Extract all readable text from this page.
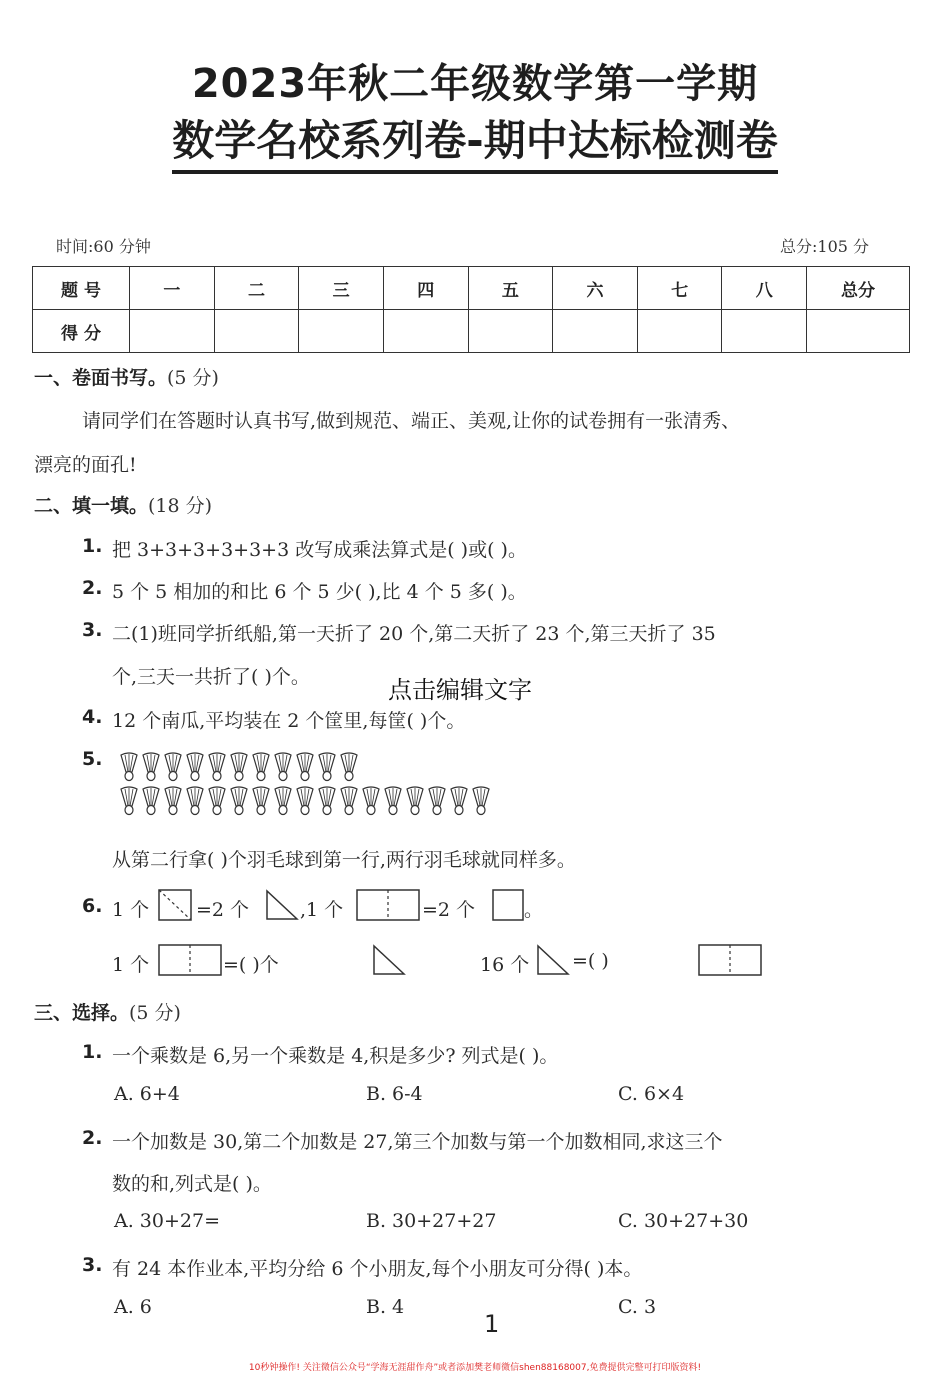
2023年秋二年级数学第一学期
数学名校系列卷-期中达标检测卷
时间:60 分钟	总分:105 分
题 号	一	二	三	四	五	六	七	八	总分
得 分									
一、卷面书写。(5 分)
请同学们在答题时认真书写,做到规范、端正、美观,让你的试卷拥有一张清秀、
漂亮的面孔!
二、填一填。(18 分)
1. 把 3+3+3+3+3+3 改写成乘法算式是( )或( )。
2. 5 个 5 相加的和比 6 个 5 少( ),比 4 个 5 多( )。
3. 二(1)班同学折纸船,第一天折了 20 个,第二天折了 23 个,第三天折了 35
个,三天一共折了( )个。	点击编辑文字
4. 12 个南瓜,平均装在 2 个筐里,每筐( )个。
5.
从第二行拿( )个羽毛球到第一行,两行羽毛球就同样多。
6. 1 个 =2 个	,1 个	=2 个	。
1 个	=( )个	16 个 =( )
三、选择。(5 分)
1. 一个乘数是 6,另一个乘数是 4,积是多少? 列式是( )。
A. 6+4	B. 6-4	C. 6×4
2. 一个加数是 30,第二个加数是 27,第三个加数与第一个加数相同,求这三个
数的和,列式是( )。
A. 30+27=	B. 30+27+27	C. 30+27+30
3. 有 24 本作业本,平均分给 6 个小朋友,每个小朋友可分得( )本。
A. 6	B. 4	C. 3
1
10秒钟操作! 关注微信公众号“学海无涯甜作舟”或者添加樊老师微信shen88168007,免费提供完整可打印版资料!
